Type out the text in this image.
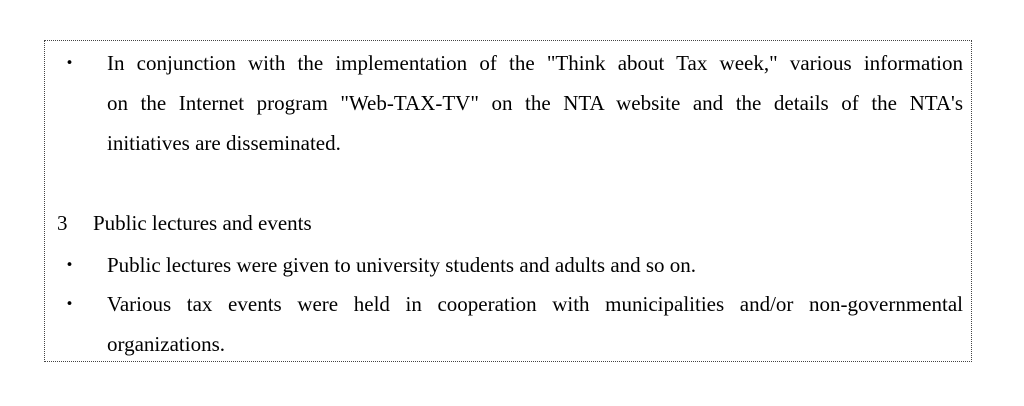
・ In conjunction with the implementation of the "Think about Tax week," various information
on the Internet program "Web-TAX-TV" on the NTA website and the details of the NTA's
initiatives are disseminated.
3 Public lectures and events
・ Public lectures were given to university students and adults and so on.
・ Various tax events were held in cooperation with municipalities and/or non-governmental
organizations.
